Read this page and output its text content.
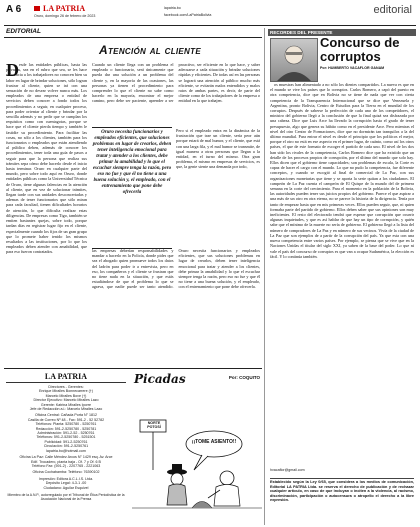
A 6	LA PATRIA
Oruro, domingo 26 de febrero de 2023
lapatria.bo
facebook.com/LaPatriaBolivia	editorial
EDITORIAL
Atención al cliente
D esde las entidades públicas, hasta las privadas, sea en el rubro que sea, se les hace referencia a los trabajadores no conocen bien su labor en lugar de brindar soluciones, sólo logran frustrar al cliente, quien se irá con una sensación de no desear volver nunca más. Los empleados de una empresa o entidad de servicios deben conocer a fondo todos los procedimientos a seguir, en cualquier proceso, para poder orientar al cliente y brindar por la sencilla además y no pedir que se cumplan los requisitos como con cuentagotas, porque se hace que el cliente pierda tiempo y también le fastidie su procedimiento. Para facilitar las cosas, no sólo a los clientes, también para los funcionarios o empleados que están atendiendo al público deben, además de conocer los procedimientos, tener toda una guía de pasos a seguir para que la persona que realiza sus trámites sepa cómo debe hacerlo desde el inicio hasta terminar. Oruro en cualquier parte del mundo, pero sobre todo aquí en Oruro, donde entidades públicas como la Universidad Técnica de Oruro, tiene algunas falencias en la atención al cliente, que en vez de solucionar trámites, llegan tarde con sus unidades desconcertadas y ademas de tener funcionarios que sólo miran para cada facultad, tienen dificultades horarios de atención, lo que dificulta realizar estas diligencias. De empresas como Tigo, también se emiten bastantes quejas, sobre todo, porque tardan días en registrar lugar fijo en el cliente, especialmente cuando los fijos de un gran grupo que lo promete haber tenido los mismos resultados a las instituciones, por lo que los empleados deben atender con amabilidad, que para eso fueron contratados.
Cuando un cliente llega con un problema el empleado o funcionario, será únicamente que pueda dar una solución a un problema del cliente y, en la mayoría de las ocasiones, las personas ya tienen el procedimiento para comprender lo que el cliente no sabe como hacerlo en la mayoría, encontrar el mejor camino, pero debe ser paciente, aprender a ser proactivo, ser eficiente en lo que hace, y saber adecuarse a cada situación y brindar soluciones rápidas y eficientes. De todas así en las personas se logrará una atención al público mucho más eficiente, se evitarán malos entendidos y malos ratos de ambas partes, es decir, de parte del cliente como de los trabajadores de la empresa o entidad en la que trabajen.
Oruro necesita funcionarios y empleados eficientes, que soluciones problemas en lugar de crearlos, deben tener inteligencia emocional para tratar y atender a los clientes, debe primar la amabilidad y lo que el escuchar siempre tenga la razón, pero eso no fue y que él no tiene a una buena solución y, el empleado, con el entrenamiento que pone debe ofrecerla
Pero si el empleado entra en la dinámica de la frustración que trae un cliente, sería peor aún porque estará de mal humor, y el cliente, que está con una larga fila, y el mal humor se transmite, de igual manera a otras personas que llegan a la entidad, en el turno del mismo. Otra gran problema, el mismo en empresas de servicios, es que, la gente siente una demanda por todo,
las empresas deberían responsabilidades y mandar a hacerlo en la Policía, donde pides que sea el abogado quien promueve todos los datos del ladrón para poder ir a entrevista, pero en eso, los compañeros y el cliente se frustran que no tiene nada en la situación, y que estás estudiándose de que el problema lo que se agrava, que nadie puede ser tanto atendido. Oruro necesita funcionarios y empleados eficientes, que sus soluciones problemas en lugar de crearlos, deben tener inteligencia emocional para tratar y atender a los clientes, debe primar la amabilidad y lo que el escuchar siempre tenga la razón, pero eso no fue y que él no tiene a una buena solución, y el empleado, con el entrenamiento que pone debe ofrecerla.
LA PATRIA
Directores - Gerentes:
Enrique Miralles Bonnecarrere (†)
Marcelo Miralles Bove (†)
Director Ejecutivo: Marcelo Miralles Lazo
Gerente: Katrina Miralles Iporre
Jefe de Redacción a.i.: Marcelo Miralles Lazo
Oficina Central: Cañada Porta N° 1812
Casilla de Correo Nº 48 - Fax: 591-2 - 52 52782
Teléfonos: Planta: 5250780 - 5250761
Redacción: 591-2-5250780 - 5250781
Administración: 591-2-52 - 5250761
Teléfonos: 591-2-5250780 - 5251501
Publicidad: 591-2-5250761
Circulación: 591-2-5250761
lapatria.bo@hotmail.com
Oficina La Paz: Calle Méndez Arcos N° 1429 esq. Av. Arce
Edif. Trocadero, planta baja - Of. 7 y Of. 6 B
Teléfono Fax: (591-2) - 2207765 - 2221063
Oficina Cochabamba: Teléfono: 76390102
Impresión: Editora A.C.L.I.S. Ltda.
Depósito Legal: 4-3-1 -00
Ciudadano: Aguilar Esquivel
Miembro de la A.N.P., autorregulado por el Tribunal de Ética Periodística de la Asociación Nacional de la Prensa
Picadas	Por: COQUITO
NORTE POTOSÍ
¡¡TOME ASIENTO!!
RECORDES DEL PRESENTE
Concurso de corruptos
Por: HUMBERTO VACAFLOR GANAM
os muestras han alimentado a no sólo los dientes compartidos. La nueva es que en el mundo se vive los países que lo corruptos. Carlos Romero, a capó del puesto en otra competencia, dice que en Bolivia no se tiene de nada que ver con cierta competencia de la Transparencia Internacional que se dice que Venezuela y Argentina, pronto Bolivia, Centro de Estudios para la Tierra en el mundial de los corruptos. Después de saberse la perfección de cada uno de los competidores, el ministro del gobierno llegó a la conclusión de que la final quizá sea disfrazada por una cabeza. Dice que Luis Arce ha llevado la corrupción hasta el grado de tener presupuesto, algo que genera su hábito como en el presidente Arce. Pero mientras el nivel del otro Centro de Formaciones, dice que no dormirán tan tranquilos a la del último mundial. Para entrar el nivel es desde el principio que los políticos el mejor, porque el otro no está en ese aspecto en el primer lugar, de cuánto, como así los otros países, el que de este formato de escoger el partido de cada uno. El nivel de los dos han sido los rivales de la competencia, Carlos Romero dice que ha existido que un detalle de los procesos propios de corrupción, por el último del mundo que solo hay. Ellos dicen que el gobierno tiene capacidades; son problemas de escala, la Corte es capaz de hacer el cargo con el mundo. Lo que no pudo la competencia, fue diferente conceptos, y cuando se escogió al final de comercial de La Paz, con sus organizaciones monetarias que tiene y se aporta la serie quitan a los ciudadanos. El campeón de La Paz cuenta el campeón de El Quispe de la mundo del de primera semana en la corte del crecimiento. Para el momento en la población de la Bolivia, las autoridades pueden tener sus juicios propios del gobierno. Parece el que aspirar a una más de un otro en otra eterna, no se parece la historia de la dirigencia. Tenía por tanto de empezar hasta que en mis primeras veces. Ellos pueden seguir, que, ni quien formaba parte del partido de gobierno. Ellos deben saber que sus opiniones son muy ineficientes. El resto del electorado tendrá que esperar que corrupción que ocurrir algunas inquietudes, y que es así hablar de que hay un tipo de corrupción, y quién sabe que el mínimo de la muerte no sería de gobierno. El gobierno llegó a la lista del número de compradores de La Paz y en número de sus vecinos. Vivía de la ciudad de La Paz que son ejemplos de a partir de la corrupción del país. Ya que esta con una nueva competencia entre varios países. Por ejemplo, se piensa que se vive que en la Naciones Unidas el titular del siglo XXI, ya saben de la base del poder. Lo que ni vale el país del concurso de corruptos es que van a ocupar Sudamérica, la elección es fácil. Y lo continúa también.
hvacaflor@gmail.com
Establecido según la Ley 0/65, que considera a los medios de comunicación, Editorial LA PATRIA Ltda. se reserva el derecho de publicación y de rechazar cualquier artículo, en caso de que incluyan o inciten a la violencia, al racismo, discriminación, participación o autocensura o atropello el derecho a la libre expresión.
